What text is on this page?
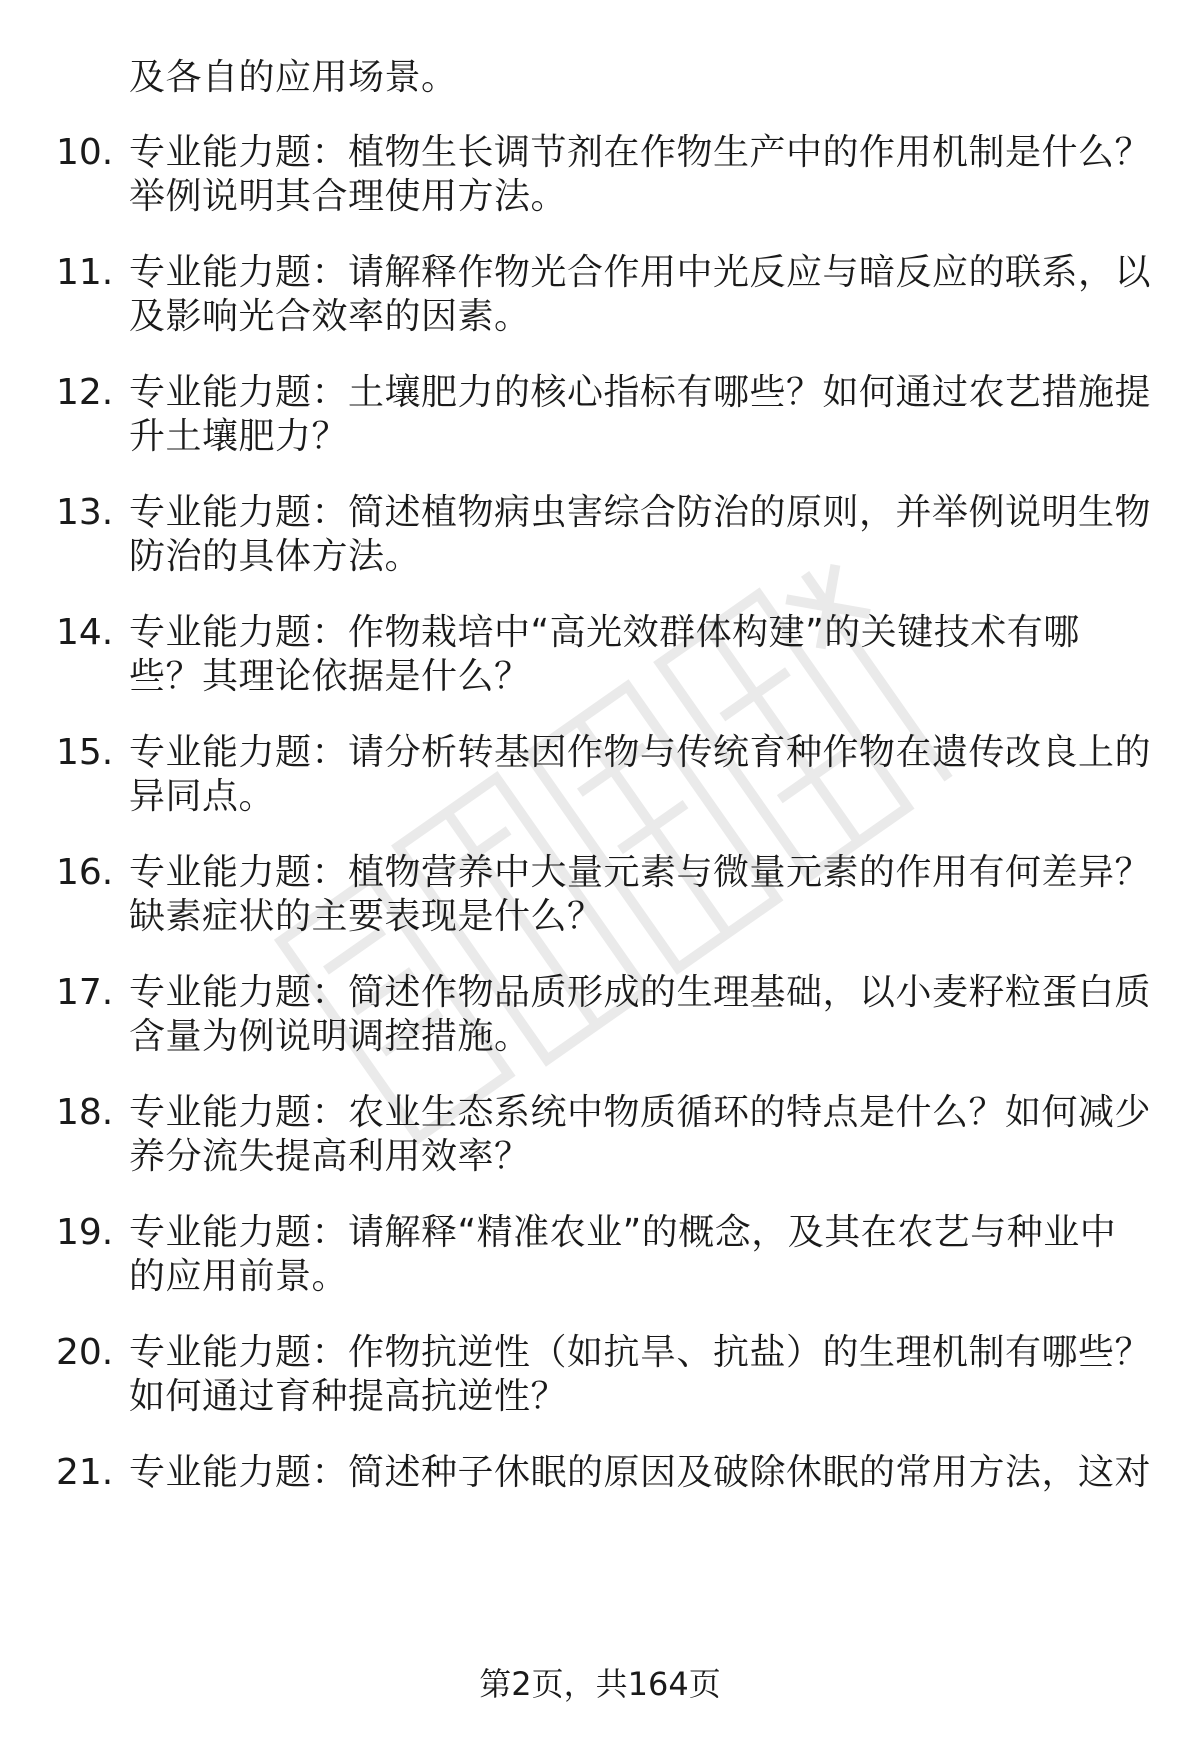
及各自的应用场景。
10. 专业能力题：植物生长调节剂在作物生产中的作用机制是什么？
举例说明其合理使用方法。
11. 专业能力题：请解释作物光合作用中光反应与暗反应的联系，以
及影响光合效率的因素。
12. 专业能力题：土壤肥力的核心指标有哪些？如何通过农艺措施提
升土壤肥力？
13. 专业能力题：简述植物病虫害综合防治的原则，并举例说明生物
防治的具体方法。
14. 专业能力题：作物栽培中“高光效群体构建”的关键技术有哪
些？其理论依据是什么？
15. 专业能力题：请分析转基因作物与传统育种作物在遗传改良上的
异同点。
16. 专业能力题：植物营养中大量元素与微量元素的作用有何差异？
缺素症状的主要表现是什么？
17. 专业能力题：简述作物品质形成的生理基础，以小麦籽粒蛋白质
含量为例说明调控措施。
18. 专业能力题：农业生态系统中物质循环的特点是什么？如何减少
养分流失提高利用效率？
19. 专业能力题：请解释“精准农业”的概念，及其在农艺与种业中
的应用前景。
20. 专业能力题：作物抗逆性（如抗旱、抗盐）的生理机制有哪些？
如何通过育种提高抗逆性？
21. 专业能力题：简述种子休眠的原因及破除休眠的常用方法，这对
第2页，共164页
